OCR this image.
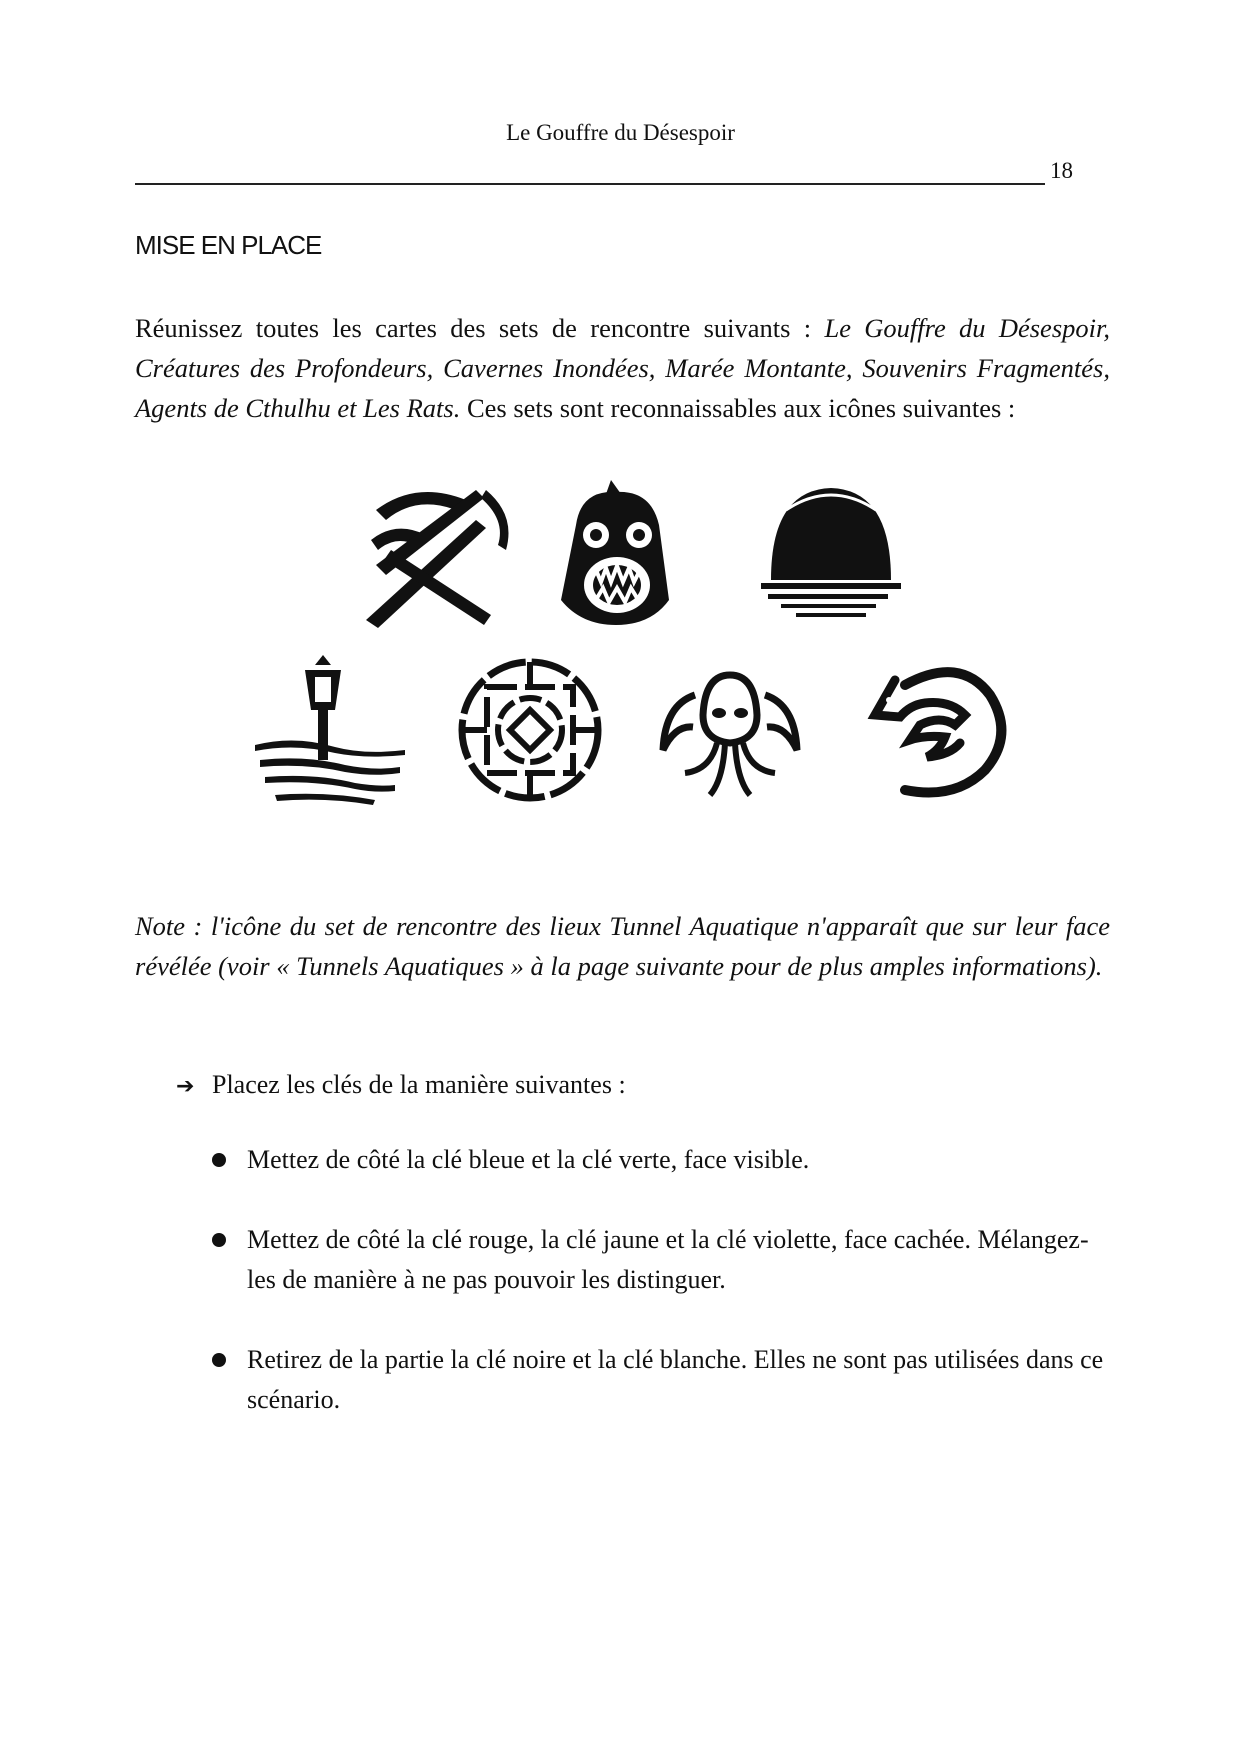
Le Gouffre du Désespoir
18
MISE EN PLACE
Réunissez toutes les cartes des sets de rencontre suivants : Le Gouffre du Désespoir, Créatures des Profondeurs, Cavernes Inondées, Marée Montante, Souvenirs Fragmentés, Agents de Cthulhu et Les Rats. Ces sets sont reconnaissables aux icônes suivantes :
Note : l'icône du set de rencontre des lieux Tunnel Aquatique n'apparaît que sur leur face révélée (voir « Tunnels Aquatiques » à la page suivante pour de plus amples informations).
➔ Placez les clés de la manière suivantes :
Mettez de côté la clé bleue et la clé verte, face visible.
Mettez de côté la clé rouge, la clé jaune et la clé violette, face cachée. Mélangez-les de manière à ne pas pouvoir les distinguer.
Retirez de la partie la clé noire et la clé blanche. Elles ne sont pas utilisées dans ce scénario.
